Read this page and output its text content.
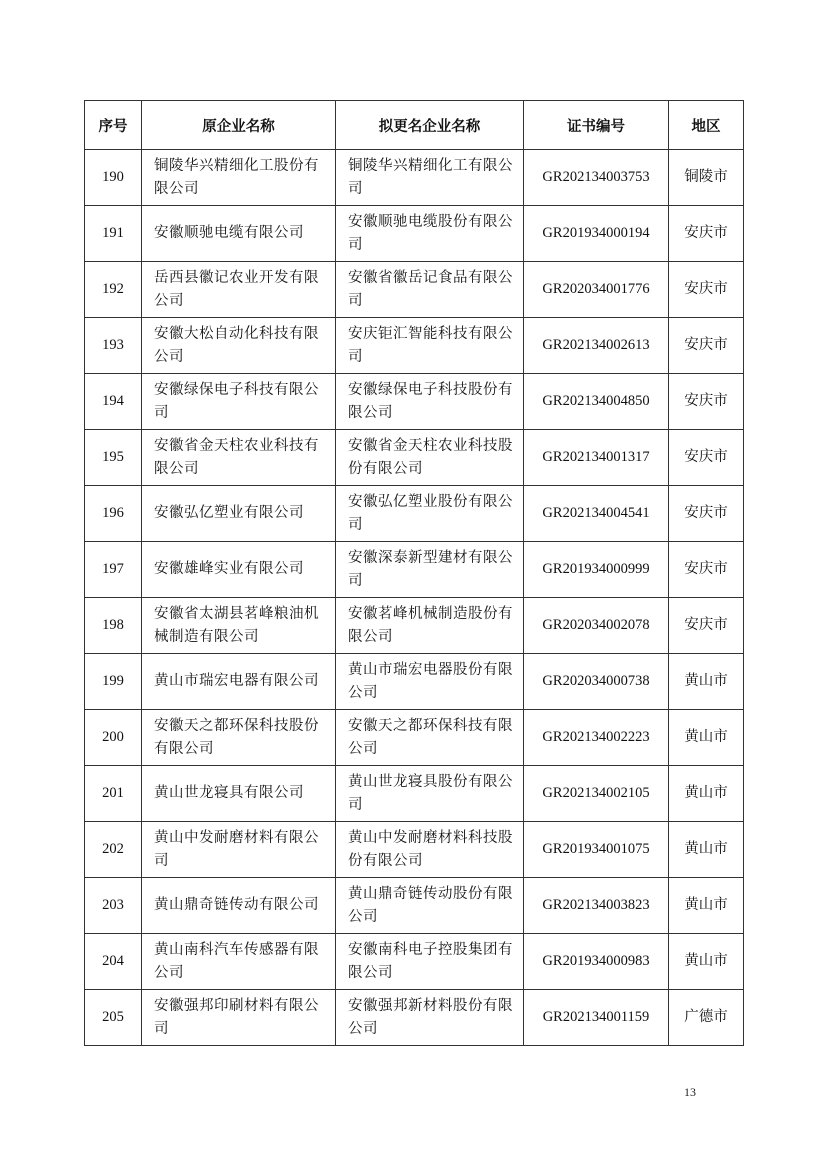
序号	原企业名称	拟更名企业名称	证书编号	地区
190	铜陵华兴精细化工股份有限公司	铜陵华兴精细化工有限公司	GR202134003753	铜陵市
191	安徽顺驰电缆有限公司	安徽顺驰电缆股份有限公司	GR201934000194	安庆市
192	岳西县徽记农业开发有限公司	安徽省徽岳记食品有限公司	GR202034001776	安庆市
193	安徽大松自动化科技有限公司	安庆钜汇智能科技有限公司	GR202134002613	安庆市
194	安徽绿保电子科技有限公司	安徽绿保电子科技股份有限公司	GR202134004850	安庆市
195	安徽省金天柱农业科技有限公司	安徽省金天柱农业科技股份有限公司	GR202134001317	安庆市
196	安徽弘亿塑业有限公司	安徽弘亿塑业股份有限公司	GR202134004541	安庆市
197	安徽雄峰实业有限公司	安徽深泰新型建材有限公司	GR201934000999	安庆市
198	安徽省太湖县茗峰粮油机械制造有限公司	安徽茗峰机械制造股份有限公司	GR202034002078	安庆市
199	黄山市瑞宏电器有限公司	黄山市瑞宏电器股份有限公司	GR202034000738	黄山市
200	安徽天之都环保科技股份有限公司	安徽天之都环保科技有限公司	GR202134002223	黄山市
201	黄山世龙寝具有限公司	黄山世龙寝具股份有限公司	GR202134002105	黄山市
202	黄山中发耐磨材料有限公司	黄山中发耐磨材料科技股份有限公司	GR201934001075	黄山市
203	黄山鼎奇链传动有限公司	黄山鼎奇链传动股份有限公司	GR202134003823	黄山市
204	黄山南科汽车传感器有限公司	安徽南科电子控股集团有限公司	GR201934000983	黄山市
205	安徽强邦印刷材料有限公司	安徽强邦新材料股份有限公司	GR202134001159	广德市
13
